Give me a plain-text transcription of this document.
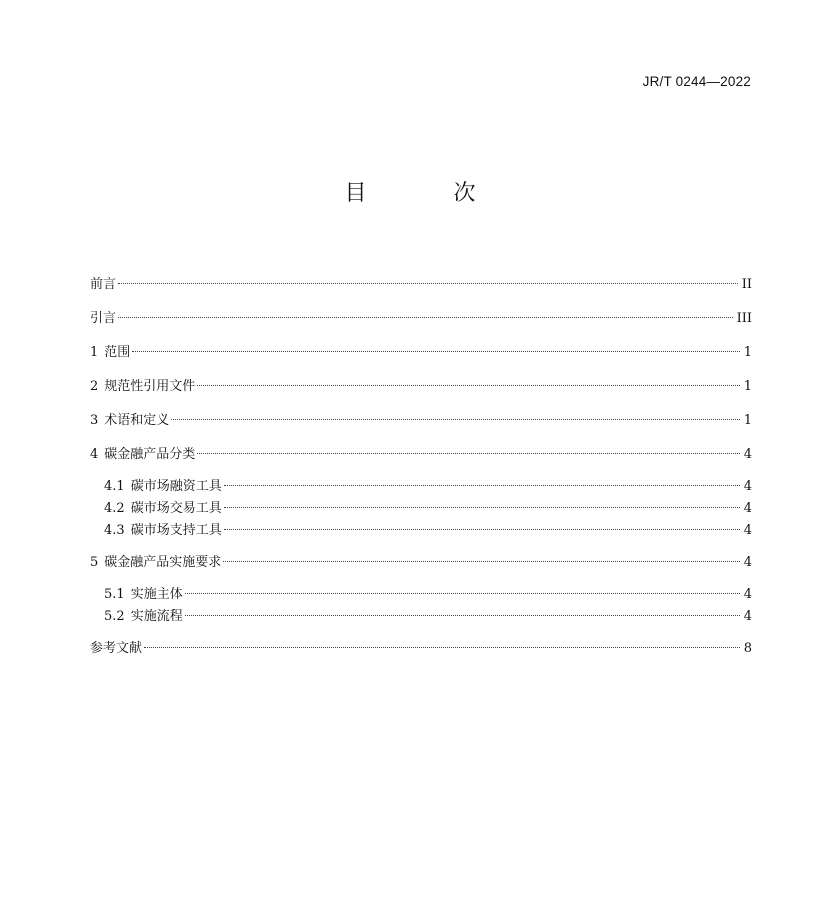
JR/T 0244—2022
目 次
前言	II
引言	III
1 范围	1
2 规范性引用文件	1
3 术语和定义	1
4 碳金融产品分类	4
4.1 碳市场融资工具	4
4.2 碳市场交易工具	4
4.3 碳市场支持工具	4
5 碳金融产品实施要求	4
5.1 实施主体	4
5.2 实施流程	4
参考文献	8
